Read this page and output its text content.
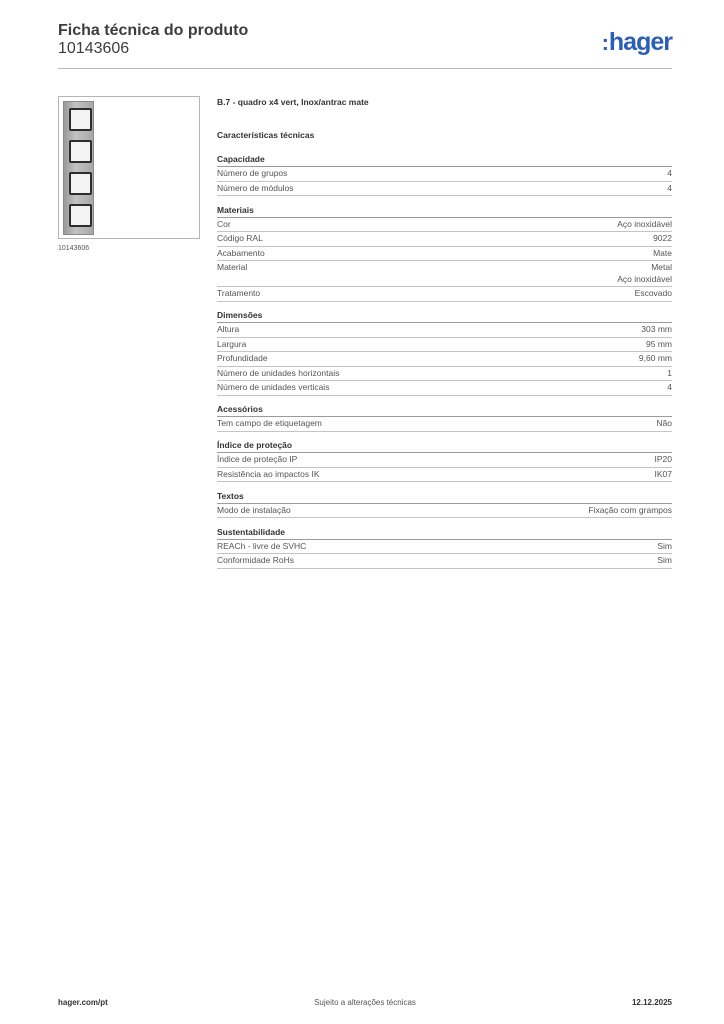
Ficha técnica do produto
10143606	:hager
10143606
B.7 - quadro x4 vert, Inox/antrac mate
Características técnicas
Capacidade
Número de grupos	4
Número de módulos	4
Materiais
Cor	Aço inoxidável
Código RAL	9022
Acabamento	Mate
Material	Metal
Aço inoxidável
Tratamento	Escovado
Dimensões
Altura	303 mm
Largura	95 mm
Profundidade	9,60 mm
Número de unidades horizontais	1
Número de unidades verticais	4
Acessórios
Tem campo de etiquetagem	Não
Índice de proteção
Índice de proteção IP	IP20
Resistência ao impactos IK	IK07
Textos
Modo de instalação	Fixação com grampos
Sustentabilidade
REACh - livre de SVHC	Sim
Conformidade RoHs	Sim
hager.com/pt	Sujeito a alterações técnicas	12.12.2025
